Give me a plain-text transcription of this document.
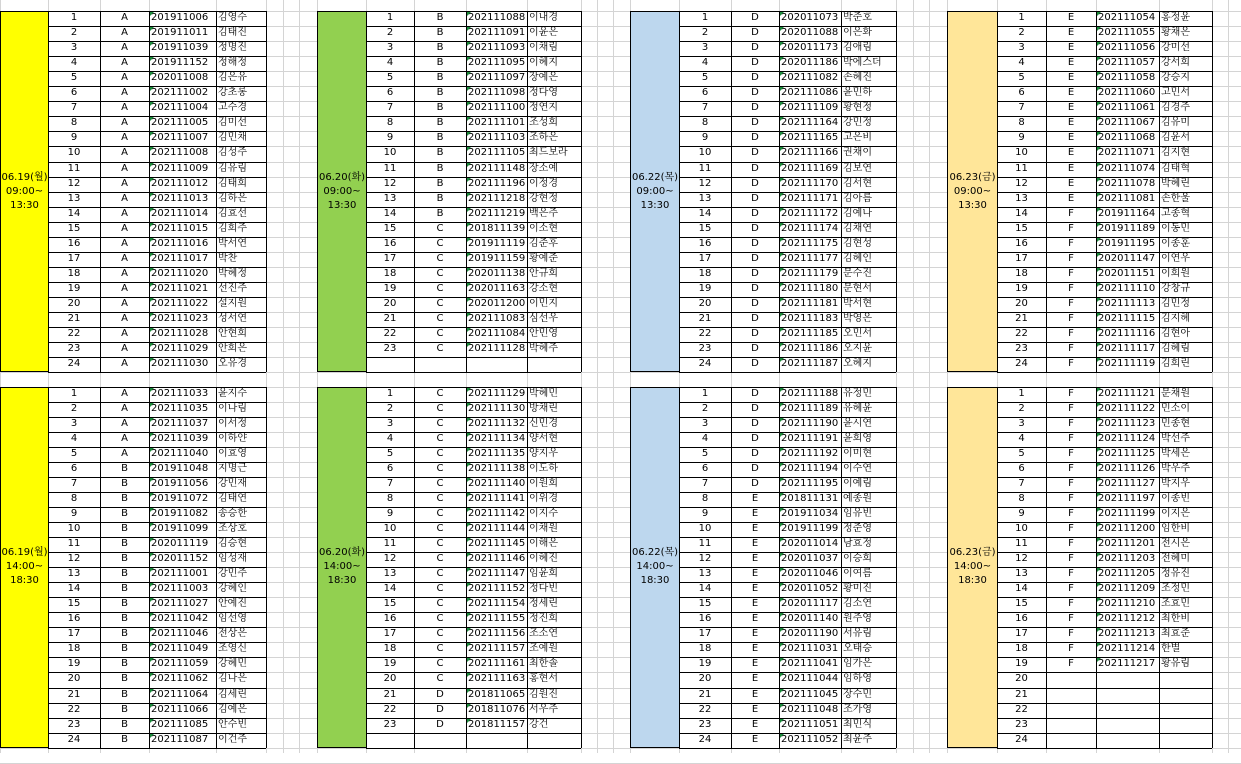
06.19(월)
09:00~
13:30
1	A	201911006 김영수
2	A	201911011 김태진
3	A	201911039 정명진
4	A	201911152 정해정
5	A	202011008 김은유
6	A	202111002 강초롱
7	A	202111004 고수경
8	A	202111005 김미선
9	A	202111007 김민채
10	A	202111008 김성주
11	A	202111009 김유림
12	A	202111012 김태희
13	A	202111013 김하은
14	A	202111014 김효선
15	A	202111015 김희주
16	A	202111016 박서연
17	A	202111017 박찬
18	A	202111020 박혜정
19	A	202111021 선진주
20	A	202111022 설지원
21	A	202111023 성서연
22	A	202111028 안현희
23	A	202111029 안희은
24	A	202111030 오유경
06.19(월)
14:00~
18:30
1	A	202111033 윤지수
2	A	202111035 이나림
3	A	202111037 이서정
4	A	202111039 이하얀
5	A	202111040 이효영
6	B	201911048 지명근
7	B	201911056 강민재
8	B	201911072 김태연
9	B	201911082 송승한
10	B	201911099 조상호
11	B	202011119 김승현
12	B	202011152 임성재
13	B	202111001 강민주
14	B	202111003 강혜인
15	B	202111027 안예진
16	B	202111042 임선영
17	B	202111046 전상은
18	B	202111049 조영신
19	B	202111059 강혜민
20	B	202111062 김나은
21	B	202111064 김세린
22	B	202111066 김예은
23	B	202111085 안수빈
24	B	202111087 이건주
06.20(화)
09:00~
13:30
1	B	202111088 이내경
2	B	202111091 이윤은
3	B	202111093 이채림
4	B	202111095 이혜지
5	B	202111097 장예은
6	B	202111098 정다영
7	B	202111100 정연지
8	B	202111101 조성희
9	B	202111103 조하은
10	B	202111105 최드보라
11	B	202111148 장소예
12	B	202111196 이정경
13	B	202111218 강현정
14	B	202111219 백은주
15	C	201811139 이소현
16	C	201911119 김준후
17	C	201911159 황예준
18	C	202011138 안규희
19	C	202011163 강소현
20	C	202011200 이민지
21	C	202111083 심선우
22	C	202111084 안민영
23	C	202111128 박혜주
06.20(화)
14:00~
18:30
1	C	202111129 박혜민
2	C	202111130 방채린
3	C	202111132 신민경
4	C	202111134 양서현
5	C	202111135 양지우
6	C	202111138 이도하
7	C	202111140 이원희
8	C	202111141 이위경
9	C	202111142 이지수
10	C	202111144 이채원
11	C	202111145 이해은
12	C	202111146 이혜진
13	C	202111147 임윤희
14	C	202111152 정다빈
15	C	202111154 정세린
16	C	202111155 정진희
17	C	202111156 조소연
18	C	202111157 조예원
19	C	202111161 최한솔
20	C	202111163 홍현서
21	D	201811065 김원진
22	D	201811076 서우주
23	D	201811157 강건
06.22(목)
09:00~
13:30
1	D	202011073 박준호
2	D	202011088 이은화
3	D	202011173 김애림
4	D	202011186 박에스더
5	D	202111082 손혜진
6	D	202111086 윤민하
7	D	202111109 황현정
8	D	202111164 강민정
9	D	202111165 고은비
10	D	202111166 권채이
11	D	202111169 김보연
12	D	202111170 김서현
13	D	202111171 김아름
14	D	202111172 김예나
15	D	202111174 김채연
16	D	202111175 김현성
17	D	202111177 김혜인
18	D	202111179 문수진
19	D	202111180 문현서
20	D	202111181 박서현
21	D	202111183 박영은
22	D	202111185 오민서
23	D	202111186 오지윤
24	D	202111187 오혜지
06.22(목)
14:00~
18:30
1	D	202111188 유정민
2	D	202111189 유혜윤
3	D	202111190 윤시연
4	D	202111191 윤희영
5	D	202111192 이미현
6	D	202111194 이수연
7	D	202111195 이예림
8	E	201811131 예종원
9	E	201911034 임유빈
10	E	201911199 정준영
11	E	202011014 남효정
12	E	202011037 이승희
13	E	202011046 이여름
14	E	202011052 황미진
15	E	202011117 김소연
16	E	202011140 원주영
17	E	202011190 서유림
18	E	202111031 오태승
19	E	202111041 임가은
20	E	202111044 임하영
21	E	202111045 장수민
22	E	202111048 조가영
23	E	202111051 최민식
24	E	202111052 최윤주
06.23(금)
09:00~
13:30
1	E	202111054 홍정윤
2	E	202111055 황채은
3	E	202111056 강미선
4	E	202111057 강서희
5	E	202111058 강승지
6	E	202111060 고민서
7	E	202111061 김경주
8	E	202111067 김유미
9	E	202111068 김윤서
10	E	202111071 김지현
11	E	202111074 김태혁
12	E	202111078 박혜린
13	E	202111081 손한울
14	F	201911164 고종혁
15	F	201911189 이동민
16	F	201911195 이종훈
17	F	202011147 이연우
18	F	202011151 이희원
19	F	202111110 강창규
20	F	202111113 김민정
21	F	202111115 김지혜
22	F	202111116 김현아
23	F	202111117 김혜림
24	F	202111119 김희린
06.23(금)
14:00~
18:30
1	F	202111121 문채원
2	F	202111122 민소이
3	F	202111123 민종현
4	F	202111124 박선주
5	F	202111125 박세은
6	F	202111126 박우주
7	F	202111127 박지우
8	F	202111197 이종빈
9	F	202111199 이지은
10	F	202111200 임한비
11	F	202111201 전시은
12	F	202111203 전혜미
13	F	202111205 정유진
14	F	202111209 조정민
15	F	202111210 조효민
16	F	202111212 최한비
17	F	202111213 최효준
18	F	202111214 한별
19	F	202111217 황유림
20
21
22
23
24
